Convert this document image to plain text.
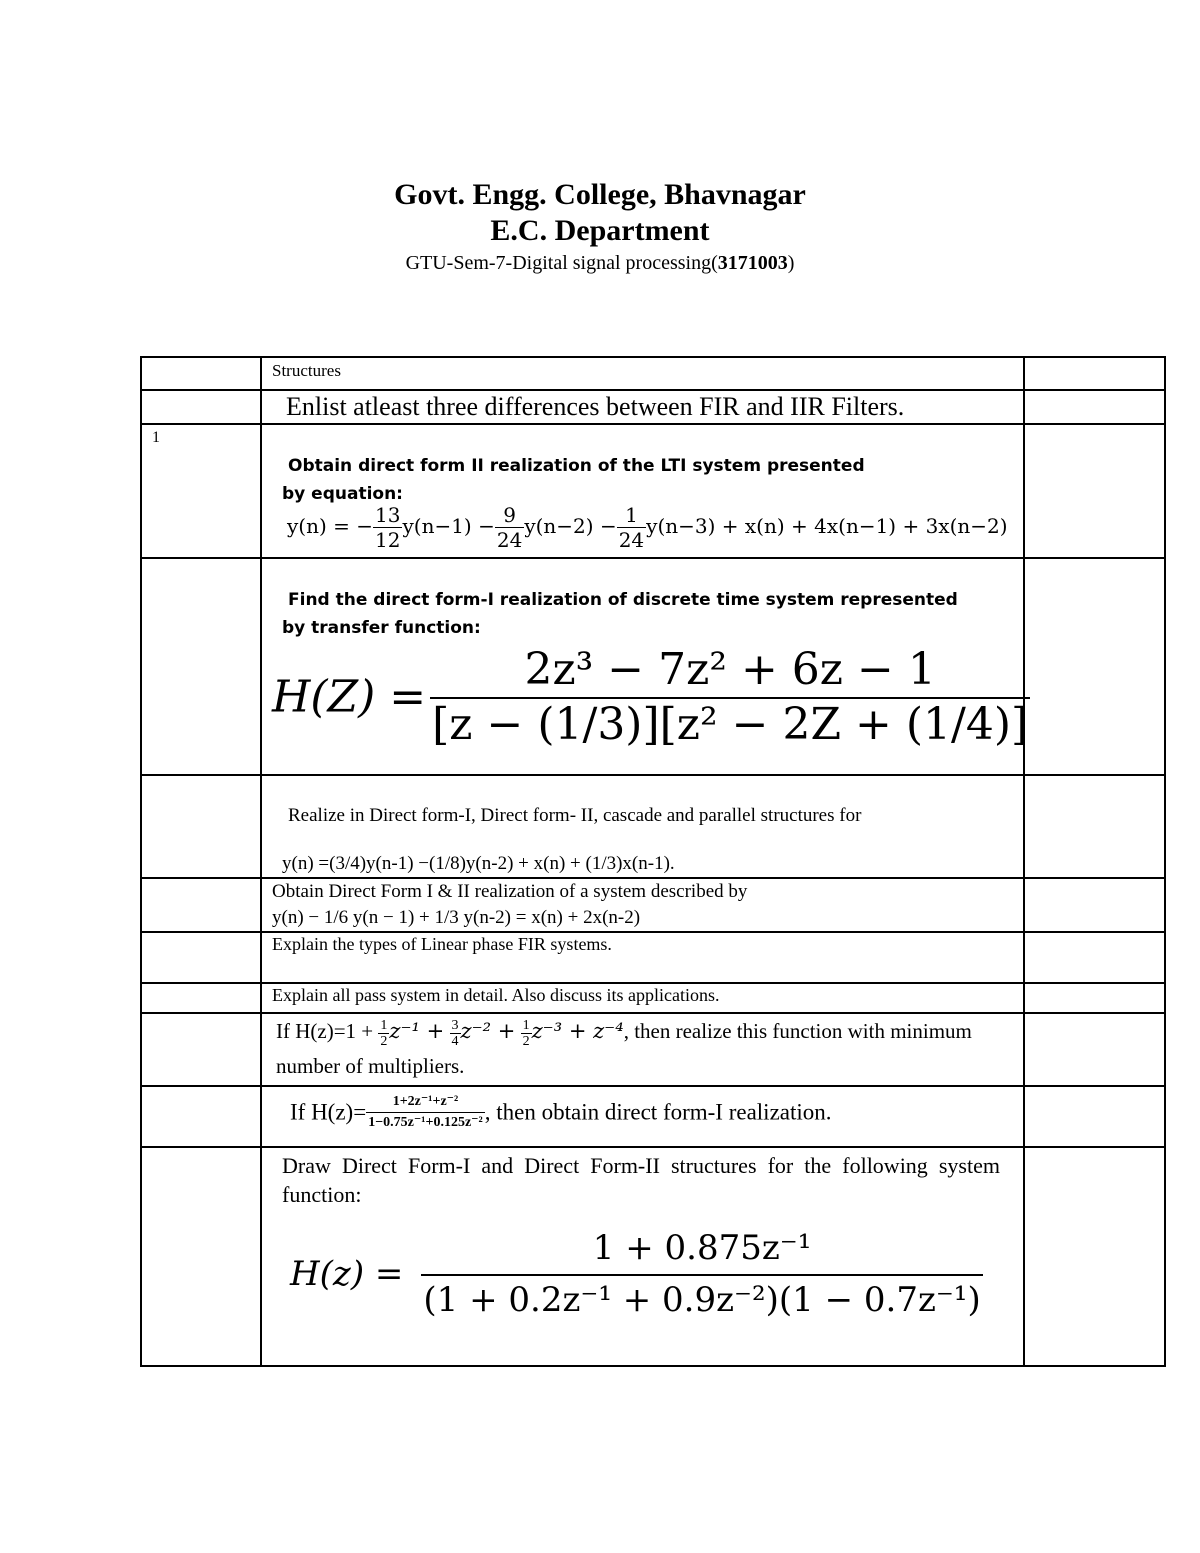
Govt. Engg. College, Bhavnagar
E.C. Department
GTU-Sem-7-Digital signal processing(3171003)
Structures
Enlist atleast three differences between FIR and IIR Filters.
1
Obtain direct form II realization of the LTI system presented by equation:
y(n) = − $\frac{13}{12} y(n-1) - \frac{9}{24} y(n-2) - \frac{1}{24} y(n-3) + x(n) + 4x(n-1) + 3x(n-2)$
Find the direct form-I realization of discrete time system represented by transfer function:
$H(Z) = \frac{\text{2z³ − 7z² + 6z − 1}}{\text{[z − (1/3)][z² − 2Z + (1/4)]}}$
Realize in Direct form-I, Direct form- II, cascade and parallel structures for
y(n) =(3/4)y(n-1) −(1/8)y(n-2) + x(n) + (1/3)x(n-1).
Obtain Direct Form I & II realization of a system described by
y(n) − 1/6 y(n − 1) + 1/3 y(n-2) = x(n) + 2x(n-2)
Explain the types of Linear phase FIR systems.
Explain all pass system in detail. Also discuss its applications.
If $H(z)=1 + \frac{1}{2} z^{-1} + \frac{3}{4} z^{-2} + \frac{1}{2} z^{-3} + z^{-4}$, then realize this function with minimum number of multipliers.
If $H(z)= \frac{\text{1+2z⁻¹+z⁻²}}{\text{1−0.75z⁻¹+0.125z⁻²}}$ , then obtain direct form-I realization.
Draw Direct Form-I and Direct Form-II structures for the following system function:
$H(z) = \frac{\text{1 + 0.875z⁻¹}}{\text{(1 + 0.2z⁻¹ + 0.9z⁻²)(1 − 0.7z⁻¹)}}$
